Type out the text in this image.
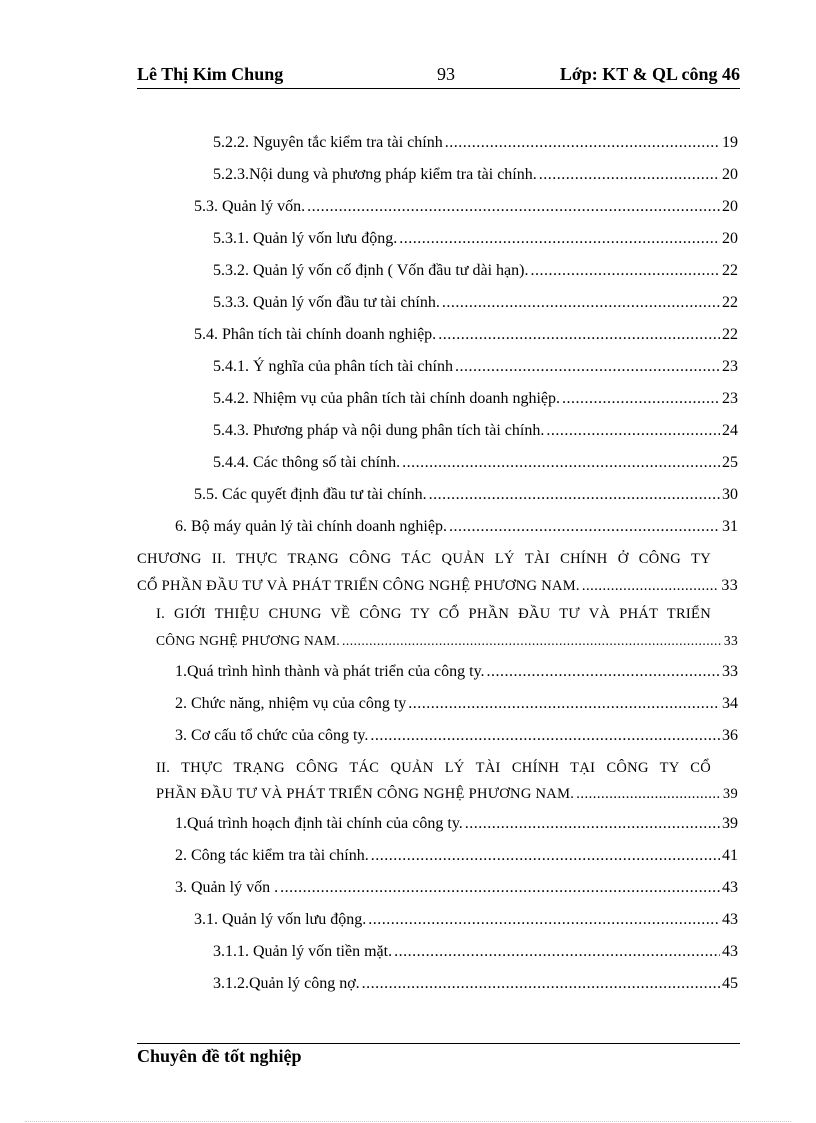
Lê Thị Kim Chung	93	Lớp: KT & QL công 46
5.2.2. Nguyên tắc kiểm tra tài chính .....	19
5.2.3.Nội dung và phương pháp kiểm tra tài chính. .....	20
5.3. Quản lý vốn. .....	20
5.3.1. Quản lý vốn lưu động. .....	20
5.3.2. Quản lý vốn cố định ( Vốn đầu tư dài hạn). .....	22
5.3.3. Quản lý vốn đầu tư tài chính. .....	22
5.4. Phân tích tài chính doanh nghiệp. .....	22
5.4.1. Ý nghĩa của phân tích tài chính .....	23
5.4.2. Nhiệm vụ của phân tích tài chính doanh nghiệp. .....	23
5.4.3. Phương pháp và nội dung phân tích tài chính. .....	24
5.4.4. Các thông số tài chính. .....	25
5.5. Các quyết định đầu tư tài chính. .....	30
6. Bộ máy quản lý tài chính doanh nghiệp. .....	31
CHƯƠNG II. THỰC TRẠNG CÔNG TÁC QUẢN LÝ TÀI CHÍNH Ở CÔNG TY
CỔ PHẦN ĐẦU TƯ VÀ PHÁT TRIỂN CÔNG NGHỆ PHƯƠNG NAM. .....	33
I. GIỚI THIỆU CHUNG VỀ CÔNG TY CỔ PHẦN ĐẦU TƯ VÀ PHÁT TRIỂN
CÔNG NGHỆ PHƯƠNG NAM. .....	33
1.Quá trình hình thành và phát triển của công ty. .....	33
2. Chức năng, nhiệm vụ của công ty .....	34
3. Cơ cấu tổ chức của công ty. .....	36
II. THỰC TRẠNG CÔNG TÁC QUẢN LÝ TÀI CHÍNH TẠI CÔNG TY CỔ
PHẦN ĐẦU TƯ VÀ PHÁT TRIỂN CÔNG NGHỆ PHƯƠNG NAM. .....	39
1.Quá trình hoạch định tài chính của công ty. .....	39
2. Công tác kiểm tra tài chính. .....	41
3. Quản lý vốn . .....	43
3.1. Quản lý vốn lưu động. .....	43
3.1.1. Quản lý vốn tiền mặt. .....	43
3.1.2.Quản lý công nợ. .....	45
Chuyên đề tốt nghiệp
